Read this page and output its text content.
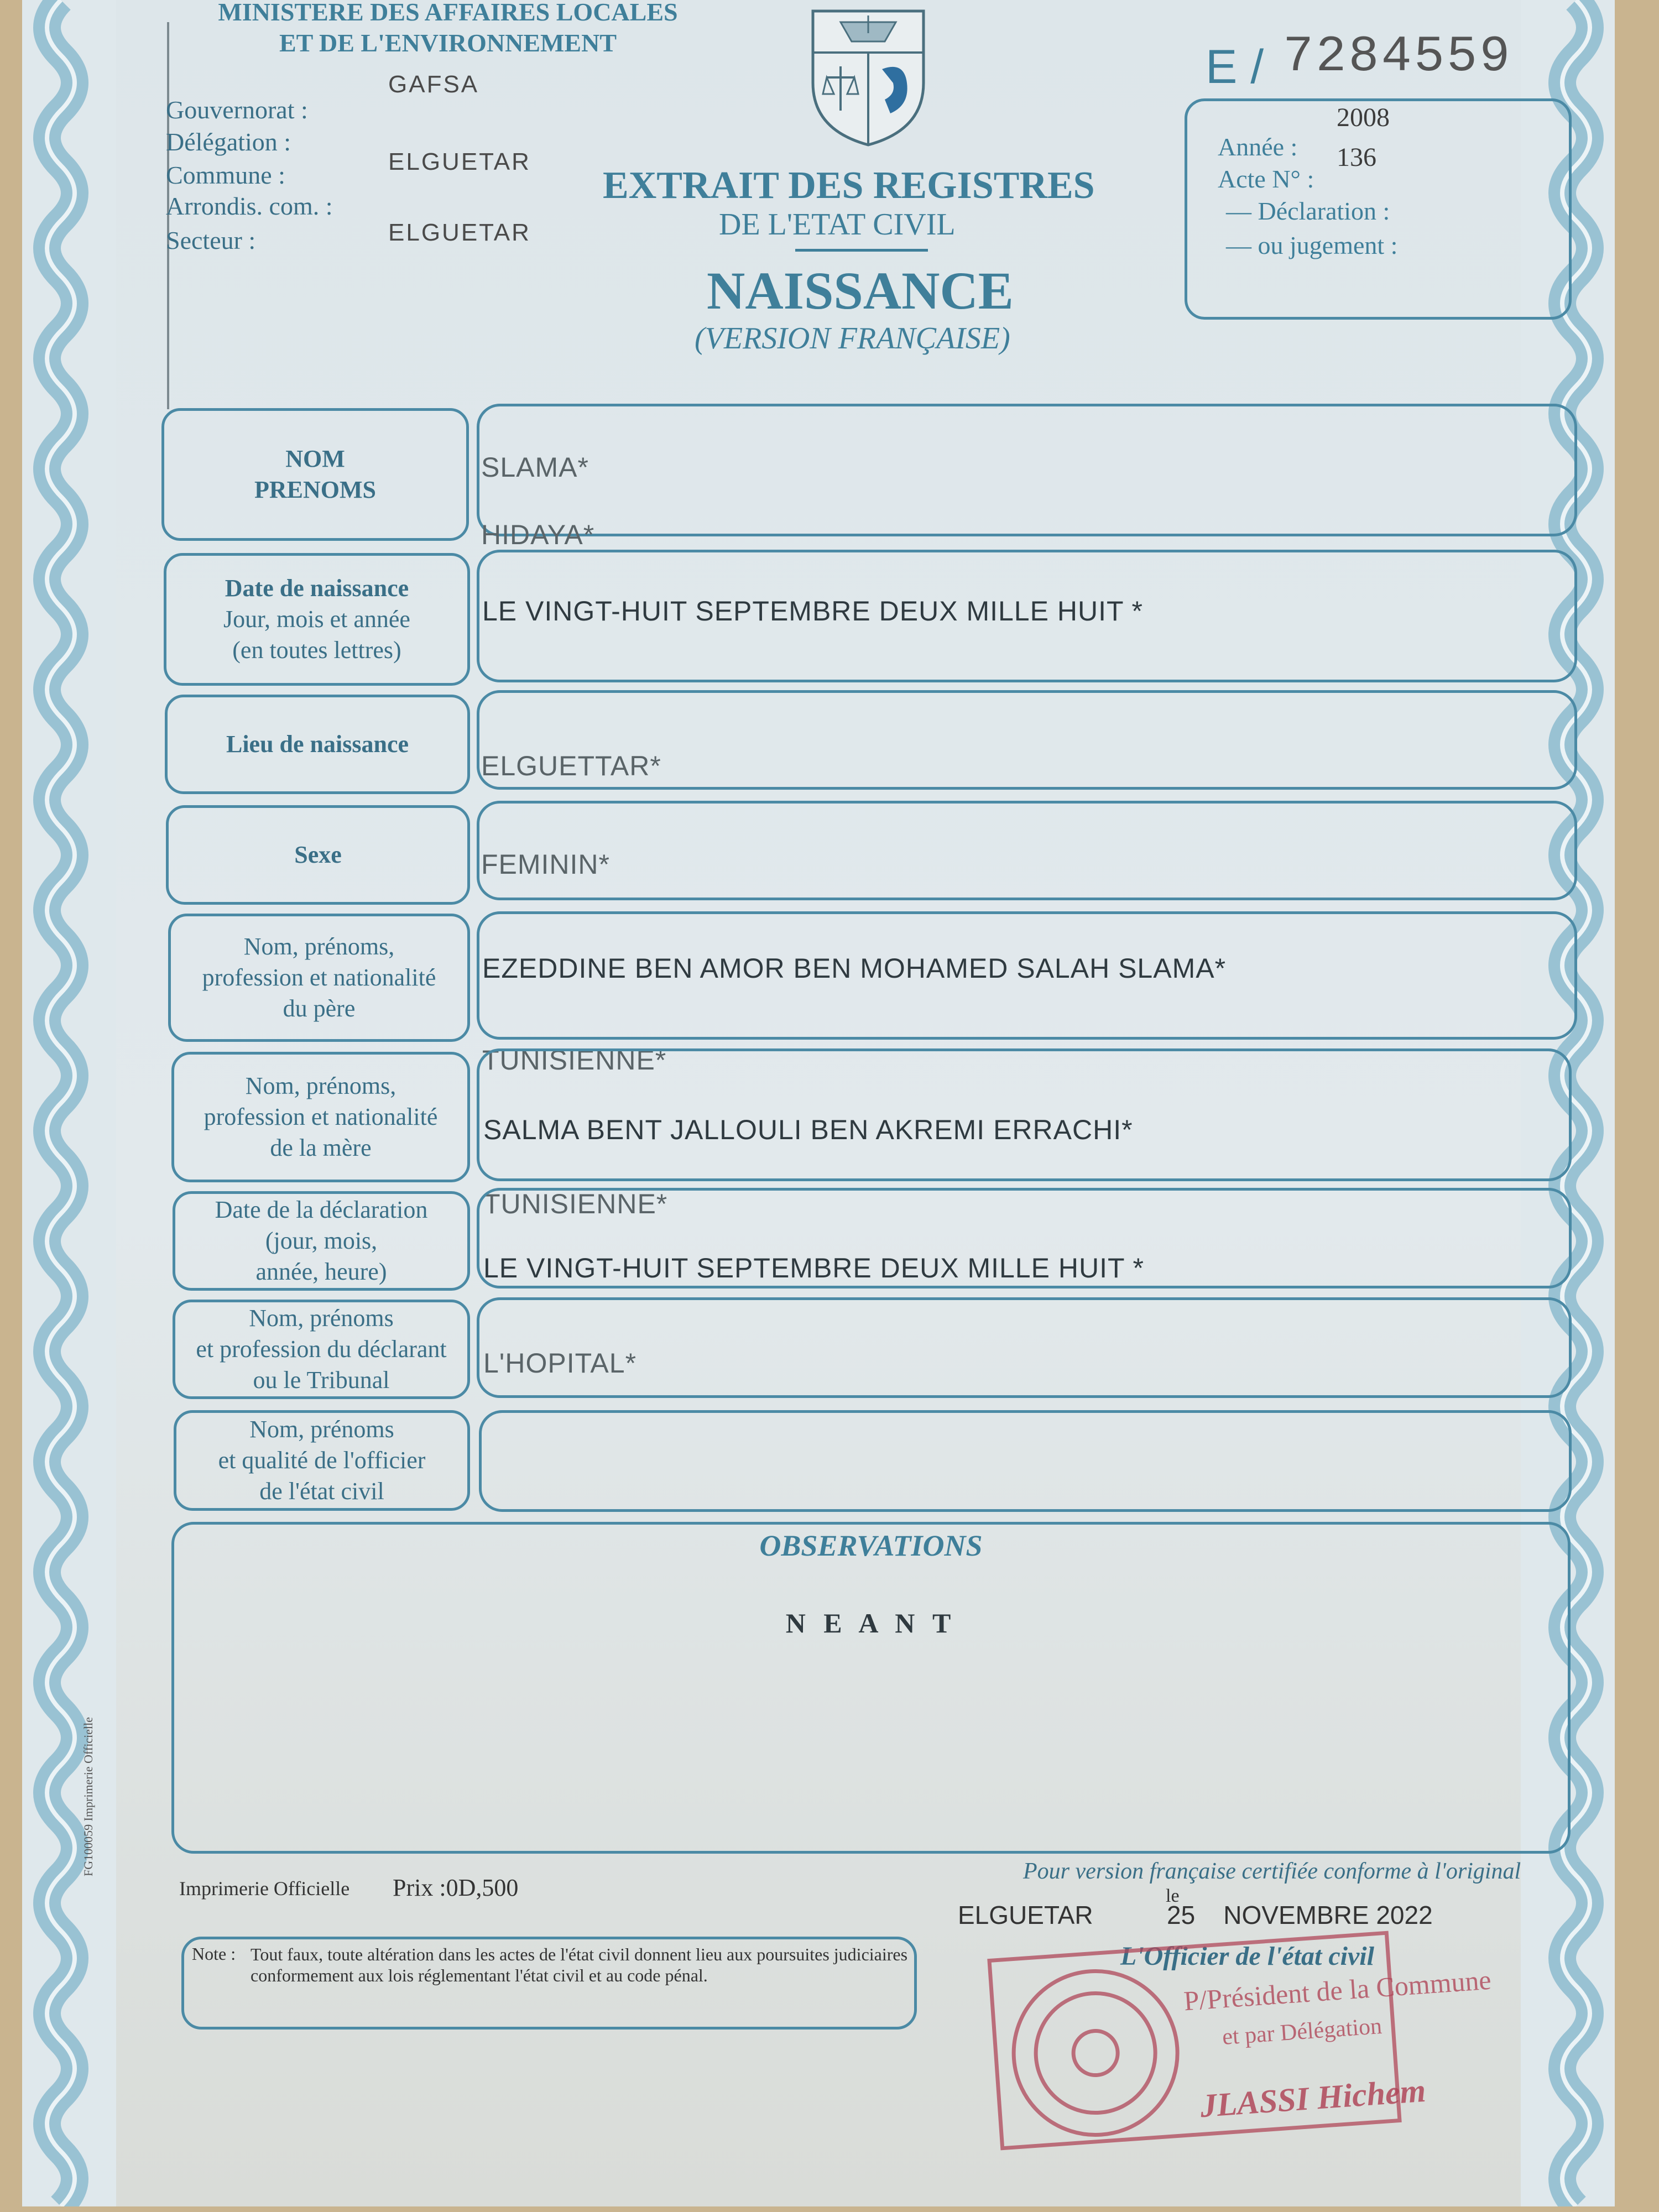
MINISTERE DES AFFAIRES LOCALES
ET DE L'ENVIRONNEMENT
Gouvernorat :
Délégation :
Commune :
Arrondis. com. :
Secteur :
GAFSA
ELGUETAR
ELGUETAR
E / 7284559
Année :
2008
Acte N° :
136
— Déclaration :
— ou jugement :
EXTRAIT DES REGISTRES
DE L'ETAT CIVIL
NAISSANCE
(VERSION FRANÇAISE)
NOM
PRENOMS
SLAMA*
HIDAYA*
Date de naissance
Jour, mois et année
(en toutes lettres)
LE VINGT-HUIT SEPTEMBRE DEUX MILLE HUIT *
Lieu de naissance
ELGUETTAR*
Sexe	FEMININ*
Nom, prénoms,
profession et nationalité
du père
EZEDDINE BEN AMOR BEN MOHAMED SALAH SLAMA*
TUNISIENNE*
Nom, prénoms,
profession et nationalité
de la mère
SALMA BENT JALLOULI BEN AKREMI ERRACHI*
TUNISIENNE*
Date de la déclaration
(jour, mois,
année, heure)	LE VINGT-HUIT SEPTEMBRE DEUX MILLE HUIT *
Nom, prénoms
et profession du déclarant
ou le Tribunal
L'HOPITAL*
Nom, prénoms
et qualité de l'officier
de l'état civil
OBSERVATIONS
N E A N T
FG100059 Imprimerie Officielle
Imprimerie Officielle Prix :0D,500
Note : Tout faux, toute altération dans les actes de l'état civil donnent lieu aux poursuites judiciaires conformement aux lois réglementant l'état civil et au code pénal.
Pour version française certifiée conforme à l'original
ELGUETAR
le
25    NOVEMBRE 2022
L'Officier de l'état civil
P/Président de la Commune
et par Délégation
JLASSI Hichem
